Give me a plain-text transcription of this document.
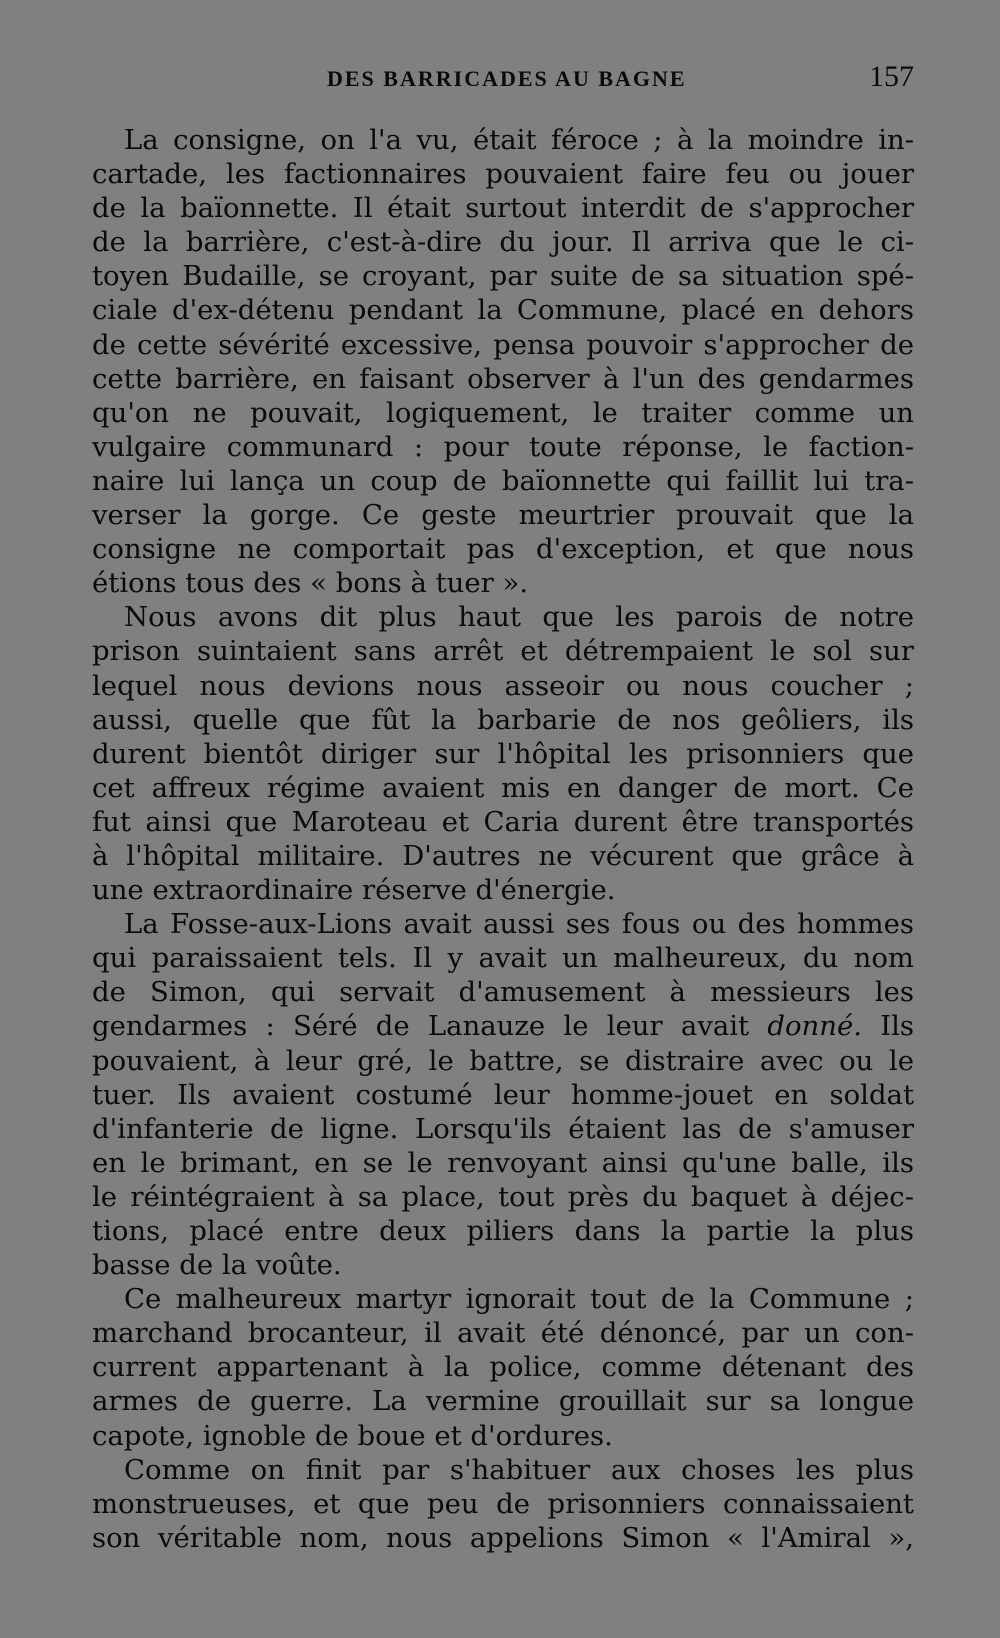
DES BARRICADES AU BAGNE	157
La consigne, on l'a vu, était féroce ; à la moindre in-
cartade, les factionnaires pouvaient faire feu ou jouer
de la baïonnette. Il était surtout interdit de s'approcher
de la barrière, c'est-à-dire du jour. Il arriva que le ci-
toyen Budaille, se croyant, par suite de sa situation spé-
ciale d'ex-détenu pendant la Commune, placé en dehors
de cette sévérité excessive, pensa pouvoir s'approcher de
cette barrière, en faisant observer à l'un des gendarmes
qu'on ne pouvait, logiquement, le traiter comme un
vulgaire communard : pour toute réponse, le faction-
naire lui lança un coup de baïonnette qui faillit lui tra-
verser la gorge. Ce geste meurtrier prouvait que la
consigne ne comportait pas d'exception, et que nous
étions tous des « bons à tuer ».
Nous avons dit plus haut que les parois de notre
prison suintaient sans arrêt et détrempaient le sol sur
lequel nous devions nous asseoir ou nous coucher ;
aussi, quelle que fût la barbarie de nos geôliers, ils
durent bientôt diriger sur l'hôpital les prisonniers que
cet affreux régime avaient mis en danger de mort. Ce
fut ainsi que Maroteau et Caria durent être transportés
à l'hôpital militaire. D'autres ne vécurent que grâce à
une extraordinaire réserve d'énergie.
La Fosse-aux-Lions avait aussi ses fous ou des hommes
qui paraissaient tels. Il y avait un malheureux, du nom
de Simon, qui servait d'amusement à messieurs les
gendarmes : Séré de Lanauze le leur avait donné. Ils
pouvaient, à leur gré, le battre, se distraire avec ou le
tuer. Ils avaient costumé leur homme-jouet en soldat
d'infanterie de ligne. Lorsqu'ils étaient las de s'amuser
en le brimant, en se le renvoyant ainsi qu'une balle, ils
le réintégraient à sa place, tout près du baquet à déjec-
tions, placé entre deux piliers dans la partie la plus
basse de la voûte.
Ce malheureux martyr ignorait tout de la Commune ;
marchand brocanteur, il avait été dénoncé, par un con-
current appartenant à la police, comme détenant des
armes de guerre. La vermine grouillait sur sa longue
capote, ignoble de boue et d'ordures.
Comme on finit par s'habituer aux choses les plus
monstrueuses, et que peu de prisonniers connaissaient
son véritable nom, nous appelions Simon « l'Amiral »,
